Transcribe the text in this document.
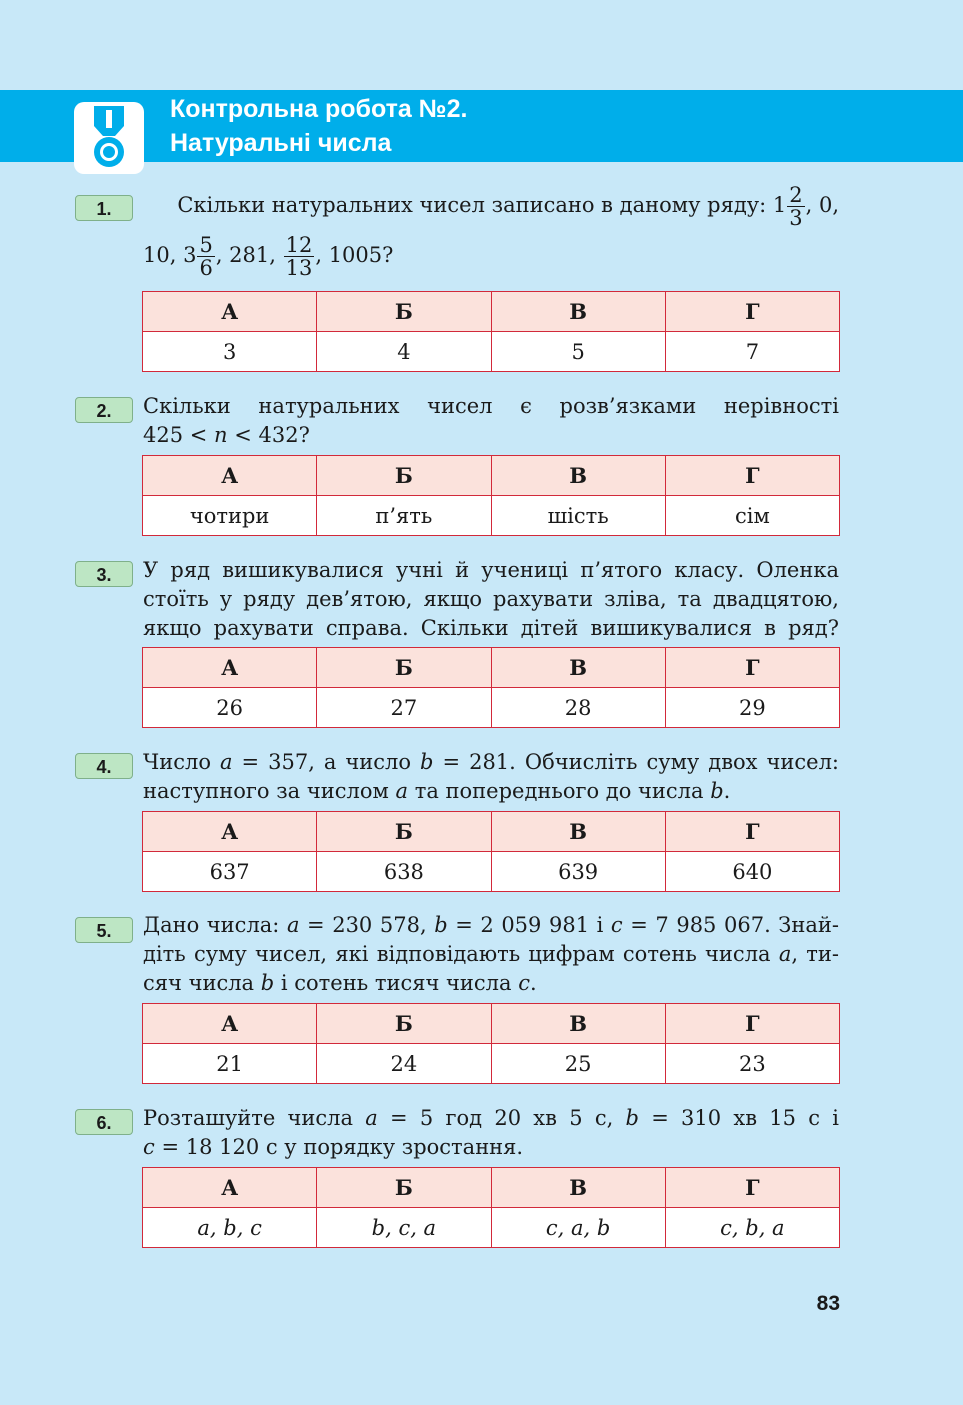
Контрольна робота №2.
Натуральні числа
1.	Скільки натуральних чисел записано в даному ряду: $1 \frac{2}{3}$ , 0,
10, $3 \frac{5}{6}$ , 281, $\frac{12}{13}$ , 1005?
А	Б	В	Г
3	4	5	7
2.	Скільки натуральних чисел є розв’язками нерівності
425 < n < 432?
А	Б	В	Г
чотири	п’ять	шість	сім
3.	У ряд вишикувалися учні й учениці п’ятого класу. Оленка
стоїть у ряду дев’ятою, якщо рахувати зліва, та двадцятою,
якщо рахувати справа. Скільки дітей вишикувалися в ряд?
А	Б	В	Г
26	27	28	29
4.	Число a = 357, а число b = 281. Обчисліть суму двох чисел:
наступного за числом a та попереднього до числа b.
А	Б	В	Г
637	638	639	640
5.	Дано числа: a = 230 578, b = 2 059 981 і c = 7 985 067. Знай-
діть суму чисел, які відповідають цифрам сотень числа a, ти-
сяч числа b і сотень тисяч числа c.
А	Б	В	Г
21	24	25	23
6.	Розташуйте числа a = 5 год 20 хв 5 с, b = 310 хв 15 с і
c = 18 120 с у порядку зростання.
А	Б	В	Г
a, b, c	b, c, a	c, a, b	c, b, a
83
